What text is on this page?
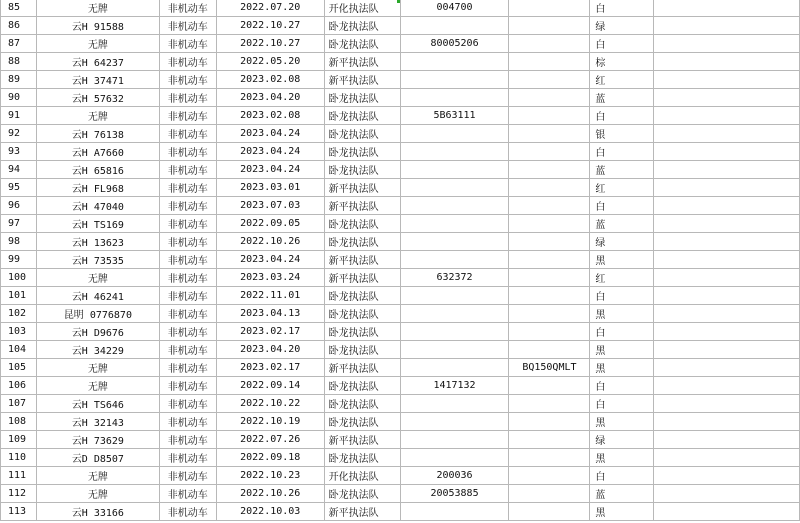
85	无牌	非机动车	2022.07.20	开化执法队	004700		白	
86	云H 91588	非机动车	2022.10.27	卧龙执法队			绿	
87	无牌	非机动车	2022.10.27	卧龙执法队	80005206		白	
88	云H 64237	非机动车	2022.05.20	新平执法队			棕	
89	云H 37471	非机动车	2023.02.08	新平执法队			红	
90	云H 57632	非机动车	2023.04.20	卧龙执法队			蓝	
91	无牌	非机动车	2023.02.08	卧龙执法队	5B63111		白	
92	云H 76138	非机动车	2023.04.24	卧龙执法队			银	
93	云H A7660	非机动车	2023.04.24	卧龙执法队			白	
94	云H 65816	非机动车	2023.04.24	卧龙执法队			蓝	
95	云H FL968	非机动车	2023.03.01	新平执法队			红	
96	云H 47040	非机动车	2023.07.03	新平执法队			白	
97	云H TS169	非机动车	2022.09.05	卧龙执法队			蓝	
98	云H 13623	非机动车	2022.10.26	卧龙执法队			绿	
99	云H 73535	非机动车	2023.04.24	新平执法队			黑	
100	无牌	非机动车	2023.03.24	新平执法队	632372		红	
101	云H 46241	非机动车	2022.11.01	卧龙执法队			白	
102	昆明 0776870	非机动车	2023.04.13	卧龙执法队			黑	
103	云H D9676	非机动车	2023.02.17	卧龙执法队			白	
104	云H 34229	非机动车	2023.04.20	卧龙执法队			黑	
105	无牌	非机动车	2023.02.17	新平执法队		BQ150QMLT	黑	
106	无牌	非机动车	2022.09.14	卧龙执法队	1417132		白	
107	云H TS646	非机动车	2022.10.22	卧龙执法队			白	
108	云H 32143	非机动车	2022.10.19	卧龙执法队			黑	
109	云H 73629	非机动车	2022.07.26	新平执法队			绿	
110	云D D8507	非机动车	2022.09.18	卧龙执法队			黑	
111	无牌	非机动车	2022.10.23	开化执法队	200036		白	
112	无牌	非机动车	2022.10.26	卧龙执法队	20053885		蓝	
113	云H 33166	非机动车	2022.10.03	新平执法队			黑	
